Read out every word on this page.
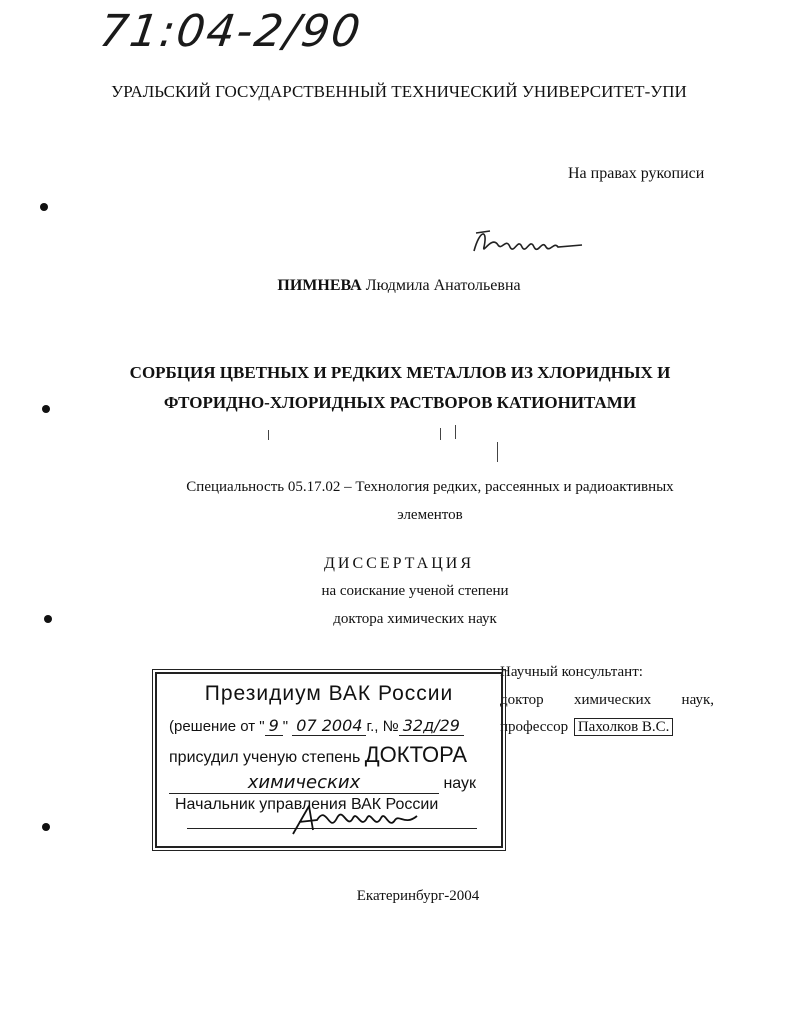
71:04-2/90
УРАЛЬСКИЙ ГОСУДАРСТВЕННЫЙ ТЕХНИЧЕСКИЙ УНИВЕРСИТЕТ-УПИ
На правах рукописи
ПИМНЕВА Людмила Анатольевна
СОРБЦИЯ ЦВЕТНЫХ И РЕДКИХ МЕТАЛЛОВ ИЗ ХЛОРИДНЫХ И
ФТОРИДНО-ХЛОРИДНЫХ РАСТВОРОВ КАТИОНИТАМИ
Специальность 05.17.02 – Технология редких, рассеянных и радиоактивных
элементов
ДИССЕРТАЦИЯ
на соискание ученой степени
доктора химических наук
Научный консультант:
доктор химических наук,
профессор Пахолков В.С.
Президиум ВАК России
(решение от " 9 " 07 2004 г., № 32д/29
присудил ученую степень ДОКТОРА
химических	наук
Начальник управления ВАК России
Екатеринбург-2004
